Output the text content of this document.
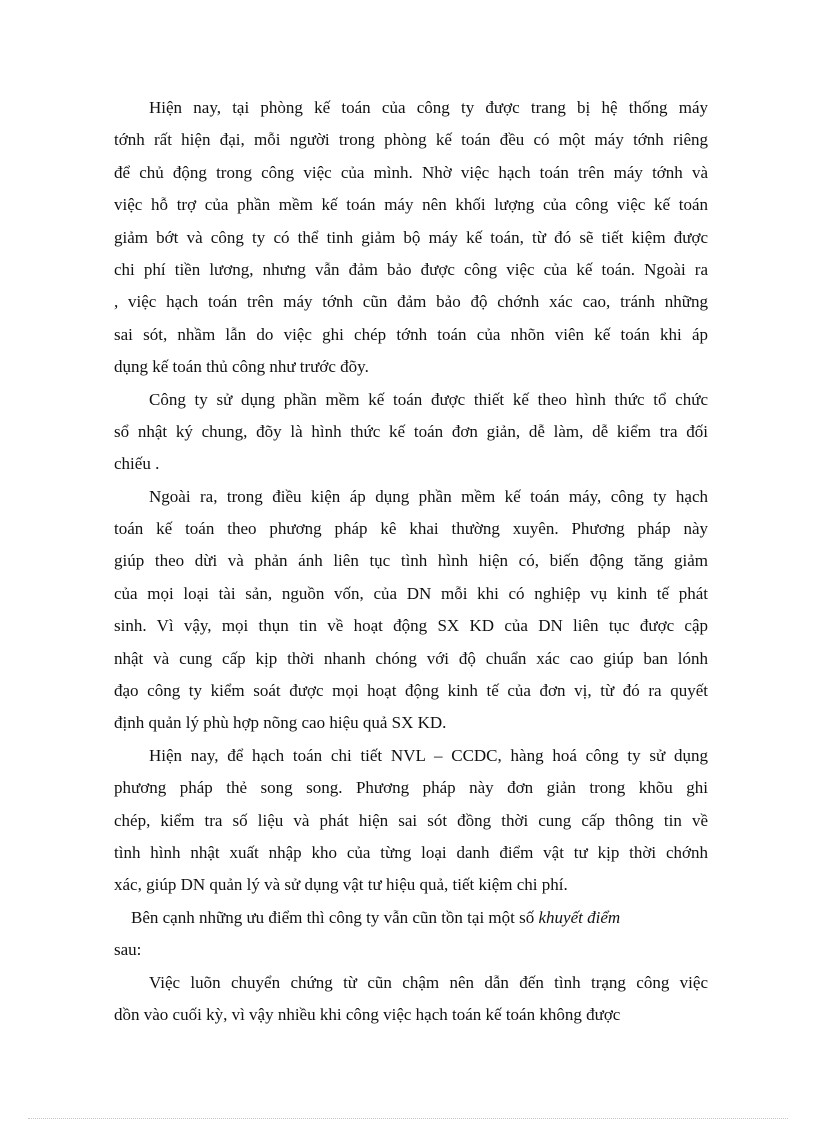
Hiện nay, tại phòng kế toán của công ty được trang bị hệ thống máy
tớnh rất hiện đại, mỗi người trong phòng kế toán đều có một máy tớnh riêng
để chủ động trong công việc của mình. Nhờ việc hạch toán trên máy tớnh và
việc hỗ trợ của phần mềm kế toán máy nên khối lượng của công việc kế toán
giảm bớt và công ty có thể tinh giảm bộ máy kế toán, từ đó sẽ tiết kiệm được
chi phí tiền lương, nhưng vẫn đảm bảo được công việc của kế toán. Ngoài ra
, việc hạch toán trên máy tớnh cũn đảm bảo độ chớnh xác cao, tránh những
sai sót, nhầm lẫn do việc ghi chép tớnh toán của nhõn viên kế toán khi áp
dụng kế toán thủ công như trước đõy.
Công ty sử dụng phần mềm kế toán được thiết kế theo hình thức tổ chức
sổ nhật ký chung, đõy là hình thức kế toán đơn giản, dễ làm, dễ kiểm tra đối
chiếu .
Ngoài ra, trong điều kiện áp dụng phần mềm kế toán máy, công ty hạch
toán kế toán theo phương pháp kê khai thường xuyên. Phương pháp này
giúp theo dừi và phản ánh liên tục tình hình hiện có, biến động tăng giảm
của mọi loại tài sản, nguồn vốn, của DN mỗi khi có nghiệp vụ kinh tế phát
sinh. Vì vậy, mọi thụn tin về hoạt động SX KD của DN liên tục được cập
nhật và cung cấp kịp thời nhanh chóng với độ chuẩn xác cao giúp ban lónh
đạo công ty kiểm soát được mọi hoạt động kinh tế của đơn vị, từ đó ra quyết
định quản lý phù hợp nõng cao hiệu quả SX KD.
Hiện nay, để hạch toán chi tiết NVL – CCDC, hàng hoá công ty sử dụng
phương pháp thẻ song song. Phương pháp này đơn giản trong khõu ghi
chép, kiểm tra số liệu và phát hiện sai sót đồng thời cung cấp thông tin về
tình hình nhật xuất nhập kho của từng loại danh điểm vật tư kịp thời chớnh
xác, giúp DN quản lý và sử dụng vật tư hiệu quả, tiết kiệm chi phí.
Bên cạnh những ưu điểm thì công ty vẫn cũn tồn tại một số khuyết điểm
sau:
Việc luõn chuyển chứng từ cũn chậm nên dẫn đến tình trạng công việc
dồn vào cuối kỳ, vì vậy nhiều khi công việc hạch toán kế toán không được
